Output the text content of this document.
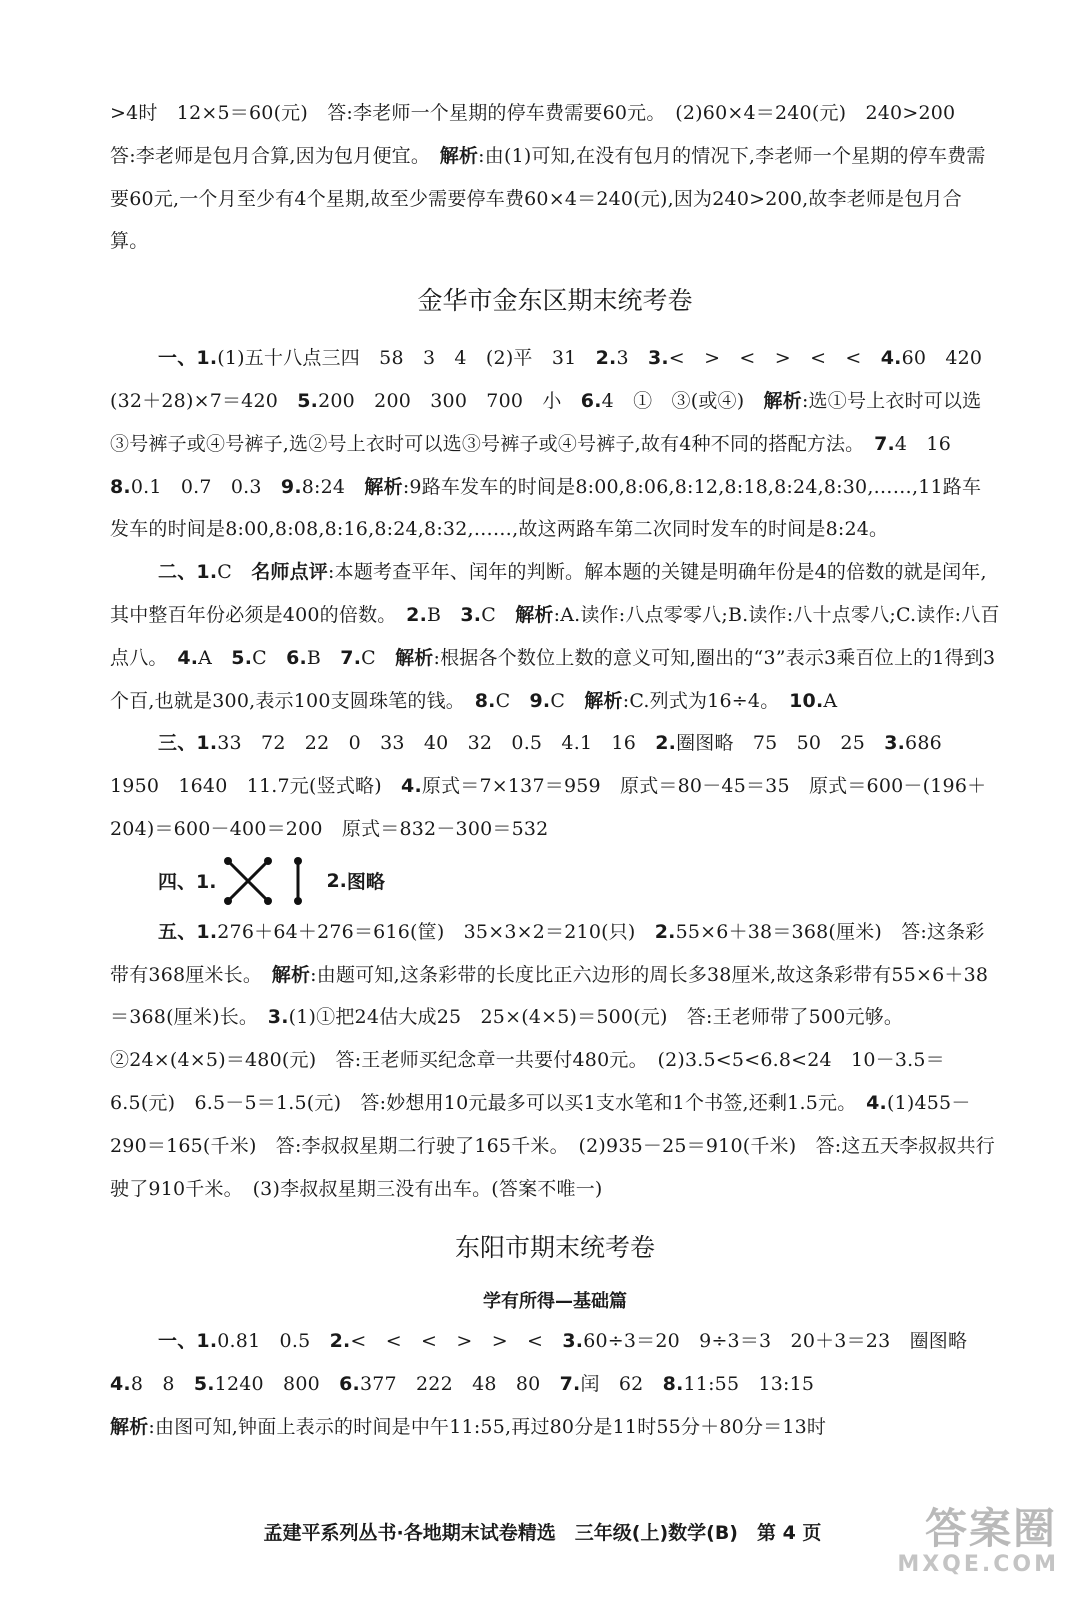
>4时　12×5＝60(元)　答:李老师一个星期的停车费需要60元。　(2)60×4＝240(元)　240>200　答:李老师是包月合算,因为包月便宜。　 解析:由(1)可知,在没有包月的情况下,李老师一个星期的停车费需要60元,一个月至少有4个星期,故至少需要停车费60×4＝240(元),因为240>200,故李老师是包月合算。

金华市金东区期末统考卷

一、1.(1)五十八点三四　58　3　4　(2)平　31　2.3　3.<　>　<　>　<　<　4.60　420　(32＋28)×7＝420　5.200　200　300　700　小　6.4　①　③(或④)　解析:选①号上衣时可以选③号裤子或④号裤子,选②号上衣时可以选③号裤子或④号裤子,故有4种不同的搭配方法。　7.4　16　8.0.1　0.7　0.3　9.8:24　解析:9路车发车的时间是8:00,8:06,8:12,8:18,8:24,8:30,……,11路车发车的时间是8:00,8:08,8:16,8:24,8:32,……,故这两路车第二次同时发车的时间是8:24。

二、1.C　名师点评:本题考查平年、闰年的判断。解本题的关键是明确年份是4的倍数的就是闰年,其中整百年份必须是400的倍数。　2.B　3.C　解析:A.读作:八点零零八;B.读作:八十点零八;C.读作:八百点八。　4.A　5.C　6.B　7.C　解析:根据各个数位上数的意义可知,圈出的“3”表示3乘百位上的1得到3个百,也就是300,表示100支圆珠笔的钱。　8.C　9.C　解析:C.列式为16÷4。　10.A

三、1.33　72　22　0　33　40　32　0.5　4.1　16　2.圈图略　75　50　25　3.686　1950　1640　11.7元(竖式略)　4.原式＝7×137＝959　原式＝80－45＝35　原式＝600－(196＋204)＝600－400＝200　原式＝832－300＝532

四、1.	2. 图略

五、1.276＋64＋276＝616(筐)　35×3×2＝210(只)　2.55×6＋38＝368(厘米)　答:这条彩带有368厘米长。　解析:由题可知,这条彩带的长度比正六边形的周长多38厘米,故这条彩带有55×6＋38＝368(厘米)长。　3.(1)①把24估大成25　25×(4×5)＝500(元)　答:王老师带了500元够。　②24×(4×5)＝480(元)　答:王老师买纪念章一共要付480元。　(2)3.5<5<6.8<24　10－3.5＝6.5(元)　6.5－5＝1.5(元)　答:妙想用10元最多可以买1支水笔和1个书签,还剩1.5元。　4.(1)455－290＝165(千米)　答:李叔叔星期二行驶了165千米。　(2)935－25＝910(千米)　答:这五天李叔叔共行驶了910千米。　(3)李叔叔星期三没有出车。(答案不唯一)

东阳市期末统考卷
学有所得—基础篇

一、1.0.81　0.5　2.<　<　<　>　>　<　3.60÷3＝20　9÷3＝3　20＋3＝23　圈图略　4.8　8　5.1240　800　6.377　222　48　80　7.闰　62　8.11:55　13:15

解析:由图可知,钟面上表示的时间是中午11:55,再过80分是11时55分＋80分＝13时

孟建平系列丛书·各地期末试卷精选　三年级(上)数学(B)　第 4 页	答案圈
MXQE.COM
